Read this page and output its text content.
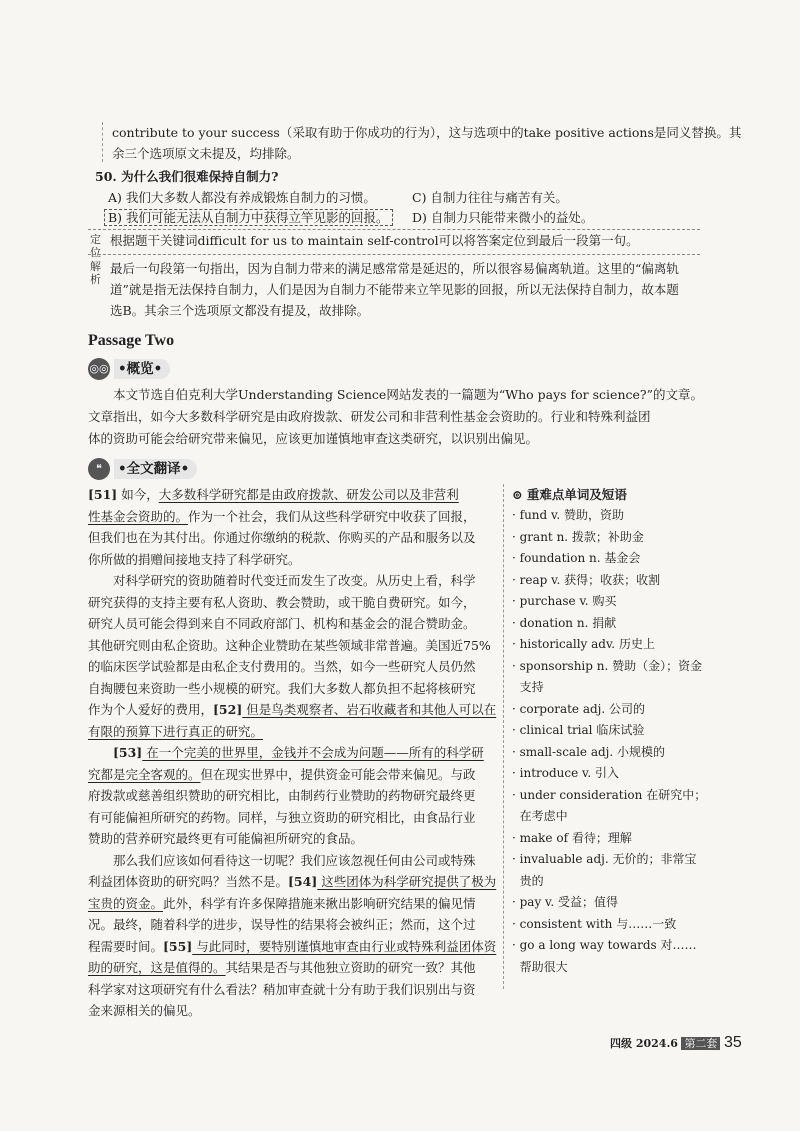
contribute to your success（采取有助于你成功的行为），这与选项中的take positive actions是同义替换。其
余三个选项原文未提及，均排除。
50. 为什么我们很难保持自制力?
A) 我们大多数人都没有养成锻炼自制力的习惯。	C) 自制力往往与痛苦有关。
B) 我们可能无法从自制力中获得立竿见影的回报。	D) 自制力只能带来微小的益处。
定位
根据题干关键词difficult for us to maintain self-control可以将答案定位到最后一段第一句。
解析
最后一句段第一句指出，因为自制力带来的满足感常常是延迟的，所以很容易偏离轨道。这里的“偏离轨
道”就是指无法保持自制力，人们是因为自制力不能带来立竿见影的回报，所以无法保持自制力，故本题
选B。其余三个选项原文都没有提及，故排除。
Passage Two
◎◎ •概览•
本文节选自伯克利大学Understanding Science网站发表的一篇题为“Who pays for science?”的文章。
文章指出，如今大多数科学研究是由政府拨款、研发公司和非营利性基金会资助的。行业和特殊利益团
体的资助可能会给研究带来偏见，应该更加谨慎地审查这类研究，以识别出偏见。
❝	•全文翻译•
[51] 如今，大多数科学研究都是由政府拨款、研发公司以及非营利
性基金会资助的。作为一个社会，我们从这些科学研究中收获了回报，
但我们也在为其付出。你通过你缴纳的税款、你购买的产品和服务以及
你所做的捐赠间接地支持了科学研究。
对科学研究的资助随着时代变迁而发生了改变。从历史上看，科学
研究获得的支持主要有私人资助、教会赞助，或干脆自费研究。如今，
研究人员可能会得到来自不同政府部门、机构和基金会的混合赞助金。
其他研究则由私企资助。这种企业赞助在某些领域非常普遍。美国近75%
的临床医学试验都是由私企支付费用的。当然，如今一些研究人员仍然
自掏腰包来资助一些小规模的研究。我们大多数人都负担不起将核研究
作为个人爱好的费用，[52] 但是鸟类观察者、岩石收藏者和其他人可以在
有限的预算下进行真正的研究。
[53] 在一个完美的世界里，金钱并不会成为问题——所有的科学研
究都是完全客观的。但在现实世界中，提供资金可能会带来偏见。与政
府拨款或慈善组织赞助的研究相比，由制药行业赞助的药物研究最终更
有可能偏袒所研究的药物。同样，与独立资助的研究相比，由食品行业
赞助的营养研究最终更有可能偏袒所研究的食品。
那么我们应该如何看待这一切呢？我们应该忽视任何由公司或特殊
利益团体资助的研究吗？当然不是。[54] 这些团体为科学研究提供了极为
宝贵的资金。此外，科学有许多保障措施来揪出影响研究结果的偏见情
况。最终，随着科学的进步，误导性的结果将会被纠正；然而，这个过
程需要时间。[55] 与此同时，要特别谨慎地审查由行业或特殊利益团体资
助的研究，这是值得的。其结果是否与其他独立资助的研究一致？其他
科学家对这项研究有什么看法？稍加审查就十分有助于我们识别出与资
金来源相关的偏见。
⊚ 重难点单词及短语
· fund v. 赞助，资助
· grant n. 拨款；补助金
· foundation n. 基金会
· reap v. 获得；收获；收割
· purchase v. 购买
· donation n. 捐献
· historically adv. 历史上
· sponsorship n. 赞助（金）；资金
支持
· corporate adj. 公司的
· clinical trial 临床试验
· small-scale adj. 小规模的
· introduce v. 引入
· under consideration 在研究中；
在考虑中
· make of 看待；理解
· invaluable adj. 无价的；非常宝
贵的
· pay v. 受益；值得
· consistent with 与……一致
· go a long way towards 对……
帮助很大
四级 2024.6 第二套 35
